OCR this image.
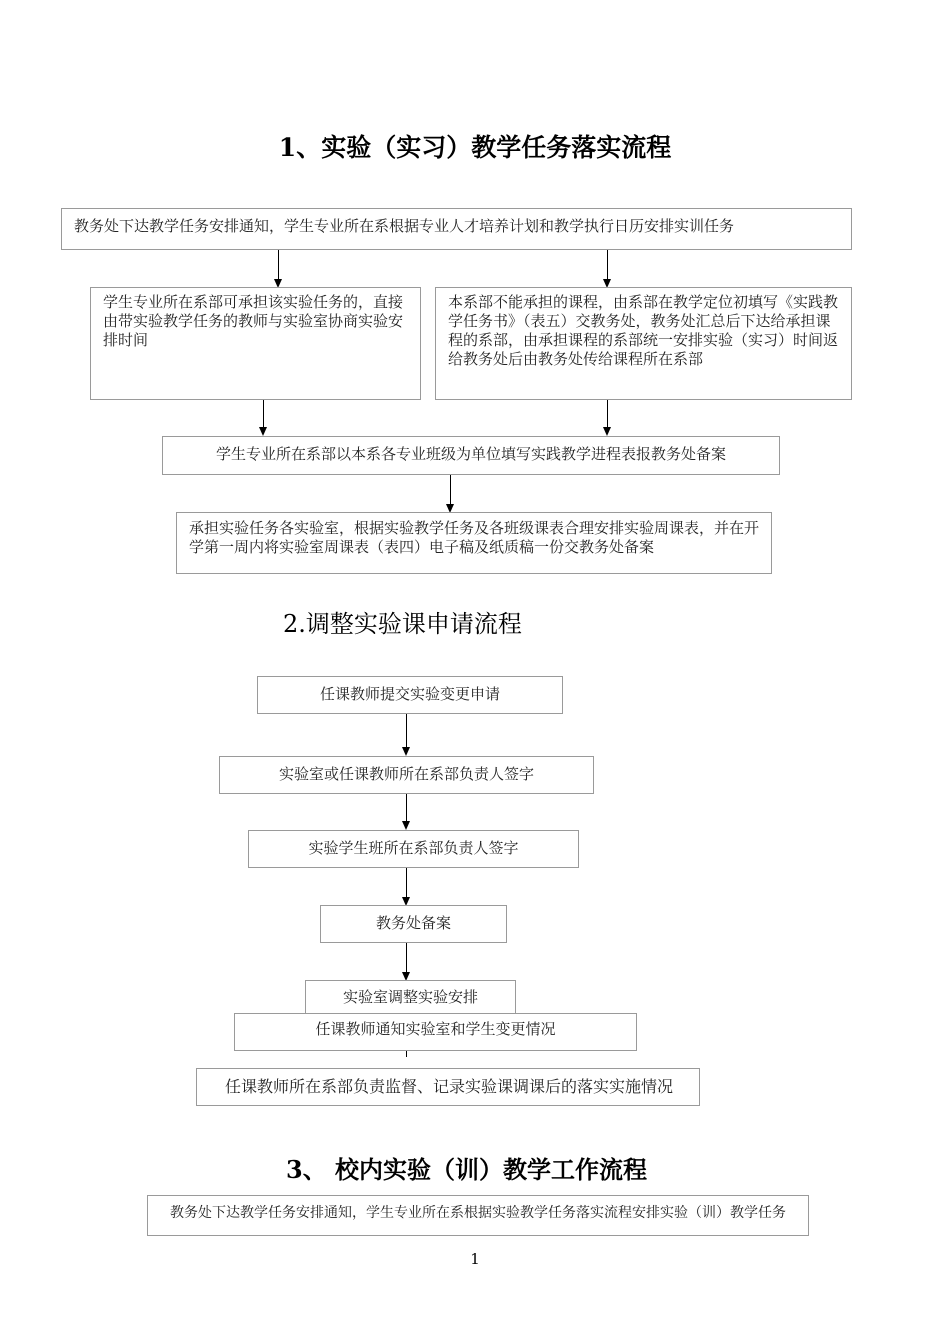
1、实验（实习）教学任务落实流程
教务处下达教学任务安排通知，学生专业所在系根据专业人才培养计划和教学执行日历安排实训任务
学生专业所在系部可承担该实验任务的，直接由带实验教学任务的教师与实验室协商实验安排时间
本系部不能承担的课程，由系部在教学定位初填写《实践教学任务书》（表五）交教务处，教务处汇总后下达给承担课程的系部，由承担课程的系部统一安排实验（实习）时间返给教务处后由教务处传给课程所在系部
学生专业所在系部以本系各专业班级为单位填写实践教学进程表报教务处备案
承担实验任务各实验室，根据实验教学任务及各班级课表合理安排实验周课表，并在开学第一周内将实验室周课表（表四）电子稿及纸质稿一份交教务处备案
2.调整实验课申请流程
任课教师提交实验变更申请
实验室或任课教师所在系部负责人签字
实验学生班所在系部负责人签字
教务处备案
实验室调整实验安排
任课教师通知实验室和学生变更情况
任课教师所在系部负责监督、记录实验课调课后的落实实施情况
3、 校内实验（训）教学工作流程
教务处下达教学任务安排通知，学生专业所在系根据实验教学任务落实流程安排实验（训）教学任务
1
